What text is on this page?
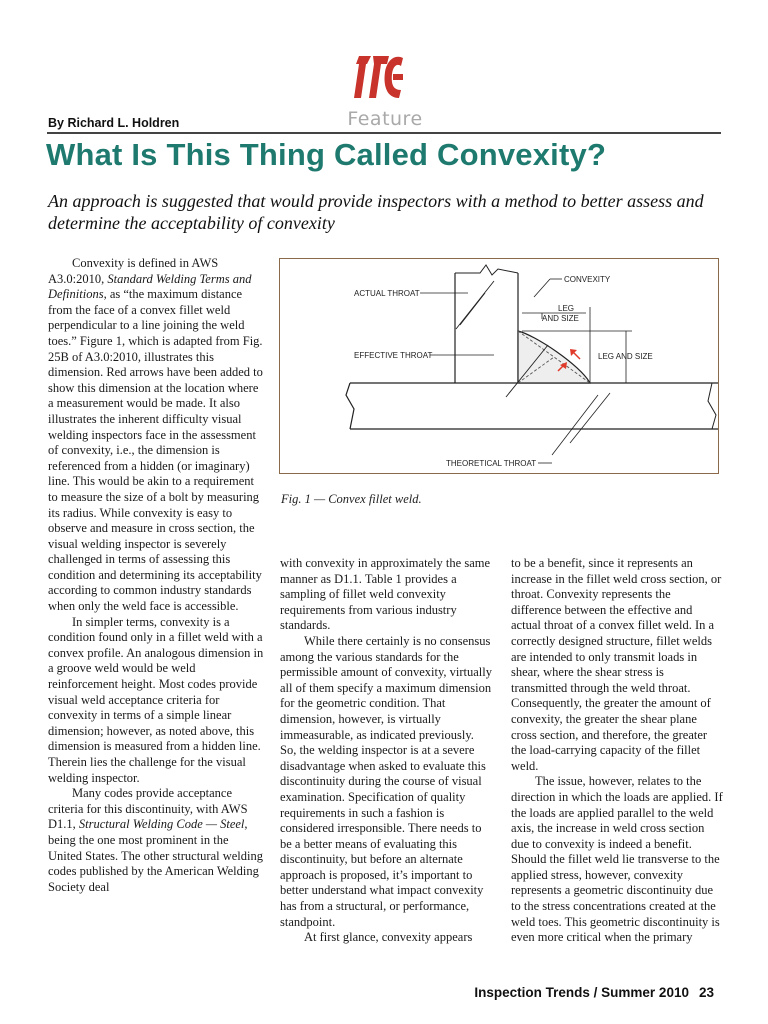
Feature
By Richard L. Holdren
What Is This Thing Called Convexity?

An approach is suggested that would provide inspectors with a method to better assess and determine the acceptability of convexity

Convexity is defined in AWS A3.0:2010, Standard Welding Terms and Definitions, as “the maximum distance from the face of a convex fillet weld perpendicular to a line joining the weld toes.” Figure 1, which is adapted from Fig. 25B of A3.0:2010, illustrates this dimension. Red arrows have been added to show this dimension at the location where a measurement would be made. It also illustrates the inherent difficulty visual welding inspectors face in the assessment of convexity, i.e., the dimension is referenced from a hidden (or imaginary) line. This would be akin to a requirement to measure the size of a bolt by measuring its radius. While convexity is easy to observe and measure in cross section, the visual welding inspector is severely challenged in terms of assessing this condition and determining its acceptability according to common industry standards when only the weld face is accessible.

In simpler terms, convexity is a condition found only in a fillet weld with a convex profile. An analogous dimension in a groove weld would be weld reinforcement height. Most codes provide visual weld acceptance criteria for convexity in terms of a simple linear dimension; however, as noted above, this dimension is measured from a hidden line. Therein lies the challenge for the visual welding inspector.

Many codes provide acceptance criteria for this discontinuity, with AWS D1.1, Structural Welding Code — Steel, being the one most prominent in the United States. The other structural welding codes published by the American Welding Society deal

CONVEXITY
ACTUAL THROAT
LEG
AND SIZE
LEG AND SIZE
EFFECTIVE THROAT
THEORETICAL THROAT
Fig. 1 — Convex fillet weld.

with convexity in approximately the same manner as D1.1. Table 1 provides a sampling of fillet weld convexity requirements from various industry standards.

While there certainly is no consensus among the various standards for the permissible amount of convexity, virtually all of them specify a maximum dimension for the geometric condition. That dimension, however, is virtually immeasurable, as indicated previously. So, the welding inspector is at a severe disadvantage when asked to evaluate this discontinuity during the course of visual examination. Specification of quality requirements in such a fashion is considered irresponsible. There needs to be a better means of evaluating this discontinuity, but before an alternate approach is proposed, it’s important to better understand what impact convexity has from a structural, or performance, standpoint.

At first glance, convexity appears

to be a benefit, since it represents an increase in the fillet weld cross section, or throat. Convexity represents the difference between the effective and actual throat of a convex fillet weld. In a correctly designed structure, fillet welds are intended to only transmit loads in shear, where the shear stress is transmitted through the weld throat. Consequently, the greater the amount of convexity, the greater the shear plane cross section, and therefore, the greater the load-carrying capacity of the fillet weld.

The issue, however, relates to the direction in which the loads are applied. If the loads are applied parallel to the weld axis, the increase in weld cross section due to convexity is indeed a benefit. Should the fillet weld lie transverse to the applied stress, however, convexity represents a geometric discontinuity due to the stress concentrations created at the weld toes. This geometric discontinuity is even more critical when the primary

Inspection Trends / Summer 2010 23
